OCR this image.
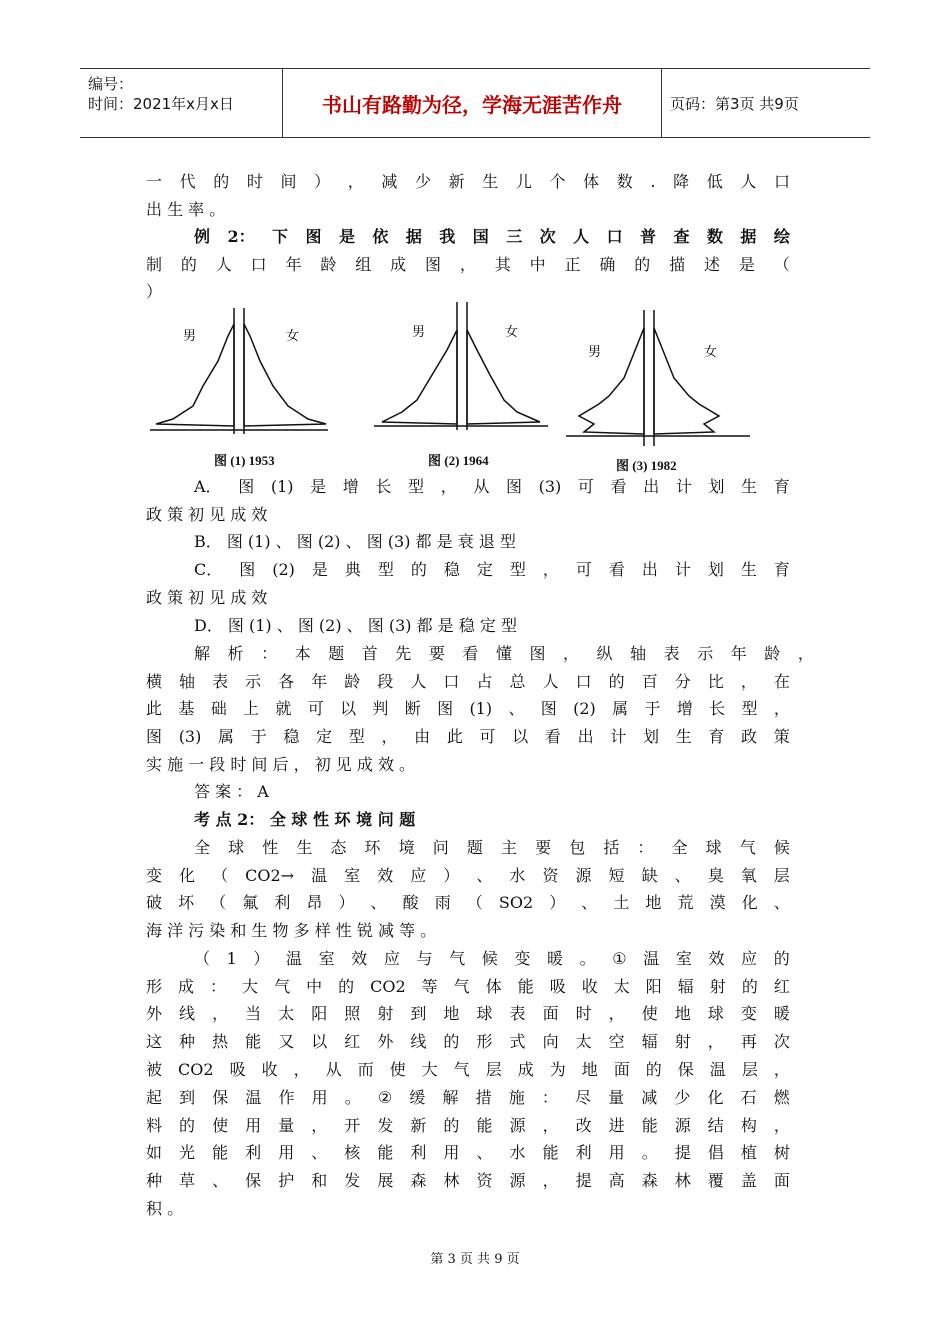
编号：
时间：2021年x月x日	书山有路勤为径，学海无涯苦作舟	页码：第3页 共9页
一 代 的 时 间 ） ， 减 少 新 生 儿 个 体 数 . 降 低 人 口
出 生 率 。
例 2： 下 图 是 依 据 我 国 三 次 人 口 普 查 数 据 绘
制 的 人 口 年 龄 组 成 图 ， 其 中 正 确 的 描 述 是 （
）
男	女
图 (1) 1953
男	女
图 (2) 1964
男	女
图 (3) 1982
A． 图 (1) 是 增 长 型 ， 从 图 (3) 可 看 出 计 划 生 育
政 策 初 见 成 效
B． 图 (1) 、 图 (2) 、 图 (3) 都 是 衰 退 型
C． 图 (2) 是 典 型 的 稳 定 型 ， 可 看 出 计 划 生 育
政 策 初 见 成 效
D． 图 (1) 、 图 (2) 、 图 (3) 都 是 稳 定 型
解 析 ： 本 题 首 先 要 看 懂 图 ， 纵 轴 表 示 年 龄 ，
横 轴 表 示 各 年 龄 段 人 口 占 总 人 口 的 百 分 比 ， 在
此 基 础 上 就 可 以 判 断 图 (1) 、 图 (2) 属 于 增 长 型 ，
图 (3) 属 于 稳 定 型 ， 由 此 可 以 看 出 计 划 生 育 政 策
实 施 一 段 时 间 后 ， 初 见 成 效 。
答 案 ： A
考 点 2： 全 球 性 环 境 问 题
全 球 性 生 态 环 境 问 题 主 要 包 括 ： 全 球 气 候
变 化 （ CO2→ 温 室 效 应 ） 、 水 资 源 短 缺 、 臭 氧 层
破 坏 （ 氟 利 昂 ） 、 酸 雨 （ SO2 ） 、 土 地 荒 漠 化 、
海 洋 污 染 和 生 物 多 样 性 锐 减 等 。
（ 1 ） 温 室 效 应 与 气 候 变 暖 。 ① 温 室 效 应 的
形 成 ： 大 气 中 的 CO2 等 气 体 能 吸 收 太 阳 辐 射 的 红
外 线 ， 当 太 阳 照 射 到 地 球 表 面 时 ， 使 地 球 变 暖
这 种 热 能 又 以 红 外 线 的 形 式 向 太 空 辐 射 ， 再 次
被 CO2 吸 收 ， 从 而 使 大 气 层 成 为 地 面 的 保 温 层 ，
起 到 保 温 作 用 。 ② 缓 解 措 施 ： 尽 量 减 少 化 石 燃
料 的 使 用 量 ， 开 发 新 的 能 源 ， 改 进 能 源 结 构 ，
如 光 能 利 用 、 核 能 利 用 、 水 能 利 用 。 提 倡 植 树
种 草 、 保 护 和 发 展 森 林 资 源 ， 提 高 森 林 覆 盖 面
积 。
第 3 页 共 9 页
